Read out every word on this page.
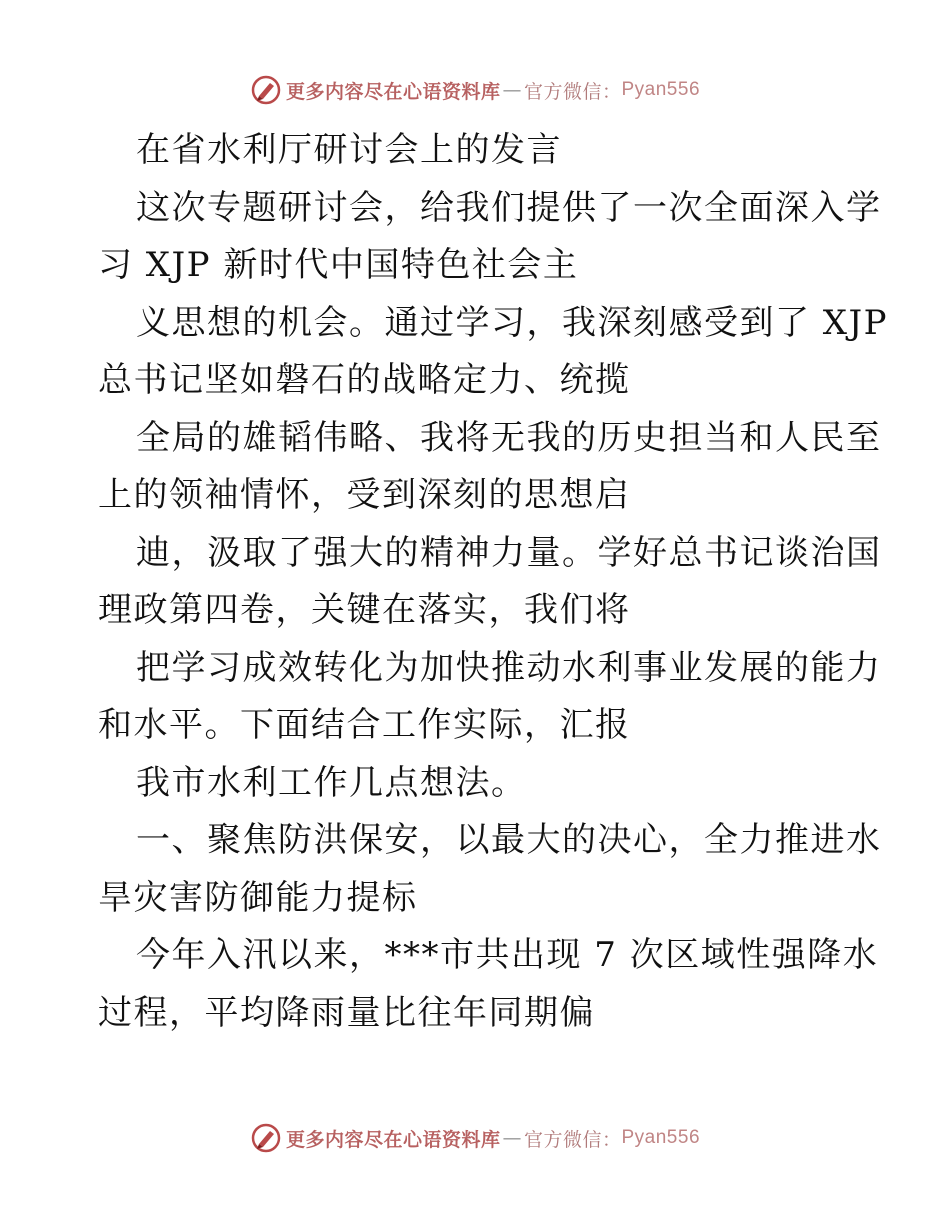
更多内容尽在心语资料库 — 官方微信： Pyan556
在省水利厅研讨会上的发言
这次专题研讨会，给我们提供了一次全面深入学
习 XJP 新时代中国特色社会主
义思想的机会。通过学习，我深刻感受到了 XJP
总书记坚如磐石的战略定力、统揽
全局的雄韬伟略、我将无我的历史担当和人民至
上的领袖情怀，受到深刻的思想启
迪，汲取了强大的精神力量。学好总书记谈治国
理政第四卷，关键在落实，我们将
把学习成效转化为加快推动水利事业发展的能力
和水平。下面结合工作实际，汇报
我市水利工作几点想法。
一、聚焦防洪保安，以最大的决心，全力推进水
旱灾害防御能力提标
今年入汛以来，***市共出现 7 次区域性强降水
过程，平均降雨量比往年同期偏
更多内容尽在心语资料库 — 官方微信： Pyan556
